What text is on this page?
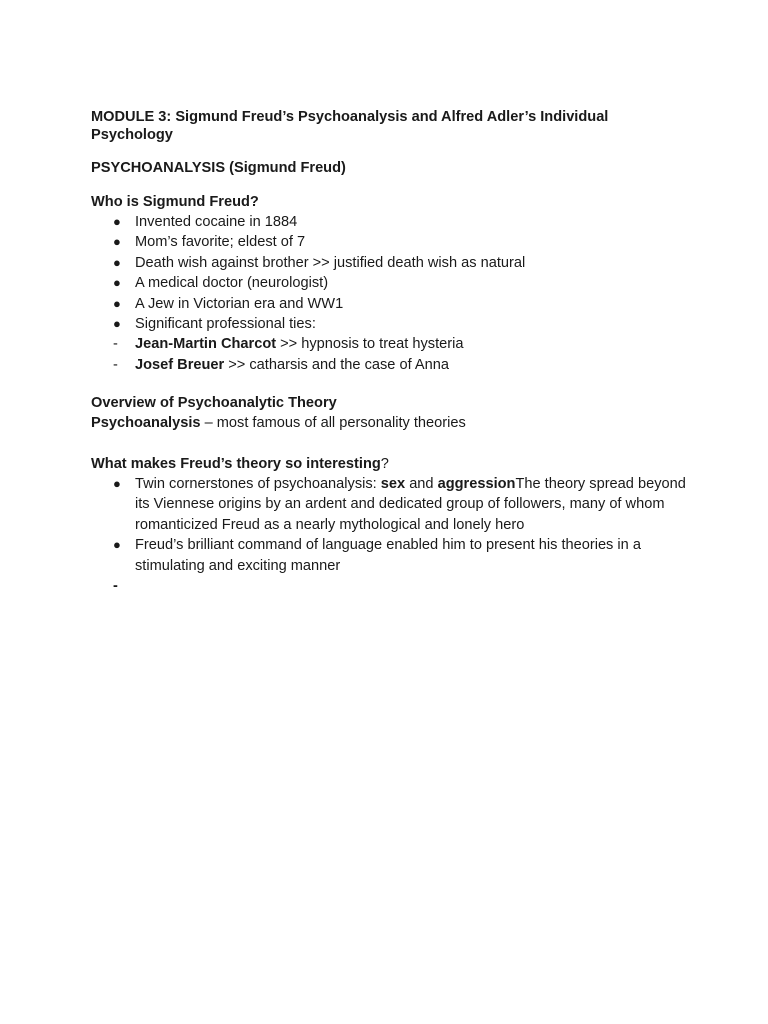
MODULE 3: Sigmund Freud’s Psychoanalysis and Alfred Adler’s Individual Psychology

PSYCHOANALYSIS (Sigmund Freud)

Who is Sigmund Freud?

● Invented cocaine in 1884
● Mom’s favorite; eldest of 7
● Death wish against brother >> justified death wish as natural
● A medical doctor (neurologist)
● A Jew in Victorian era and WW1
● Significant professional ties:
- Jean-Martin Charcot >> hypnosis to treat hysteria
- Josef Breuer >> catharsis and the case of Anna

Overview of Psychoanalytic Theory

Psychoanalysis – most famous of all personality theories

What makes Freud’s theory so interesting?

● Twin cornerstones of psychoanalysis: sex and aggressionThe theory spread beyond its Viennese origins by an ardent and dedicated group of followers, many of whom romanticized Freud as a nearly mythological and lonely hero
● Freud’s brilliant command of language enabled him to present his theories in a stimulating and exciting manner
-
